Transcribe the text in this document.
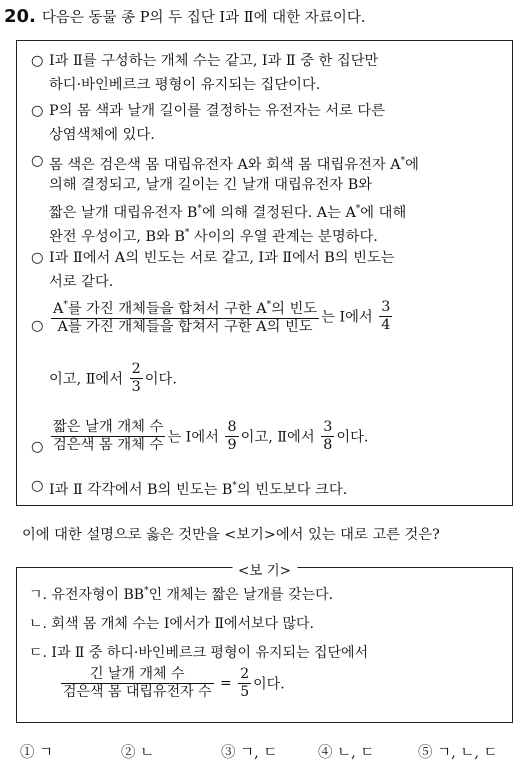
20. 다음은 동물 종 P의 두 집단 Ⅰ과 Ⅱ에 대한 자료이다.
○ Ⅰ과 Ⅱ를 구성하는 개체 수는 같고, Ⅰ과 Ⅱ 중 한 집단만
하디·바인베르크 평형이 유지되는 집단이다.
○ P의 몸 색과 날개 길이를 결정하는 유전자는 서로 다른
상염색체에 있다.
○ 몸 색은 검은색 몸 대립유전자 A와 회색 몸 대립유전자 A*에
의해 결정되고, 날개 길이는 긴 날개 대립유전자 B와
짧은 날개 대립유전자 B*에 의해 결정된다. A는 A*에 대해
완전 우성이고, B와 B* 사이의 우열 관계는 분명하다.
○ Ⅰ과 Ⅱ에서 A의 빈도는 서로 같고, Ⅰ과 Ⅱ에서 B의 빈도는
서로 같다.
○ $\frac{A^*를 가진 개체들을 합쳐서 구한 A^*의 빈도}{\text{A를 가진 개체들을 합쳐서 구한 A의 빈도}}$ 는 Ⅰ에서 $\frac{3}{4}$
이고, Ⅱ에서 $\frac{2}{3}$ 이다.
○ $\frac{\text{짧은 날개 개체 수}}{\text{검은색 몸 개체 수}}$ 는 Ⅰ에서 $\frac{8}{9}$ 이고, Ⅱ에서 $\frac{3}{8}$ 이다.
○ Ⅰ과 Ⅱ 각각에서 B의 빈도는 B*의 빈도보다 크다.
이에 대한 설명으로 옳은 것만을 <보기>에서 있는 대로 고른 것은?
<보 기>
ㄱ. 유전자형이 BB*인 개체는 짧은 날개를 갖는다.
ㄴ. 회색 몸 개체 수는 Ⅰ에서가 Ⅱ에서보다 많다.
ㄷ. Ⅰ과 Ⅱ 중 하디·바인베르크 평형이 유지되는 집단에서
$\frac{\text{긴 날개 개체 수}}{\text{검은색 몸 대립유전자 수}} = \frac{2}{5}$ 이다.
① ㄱ	② ㄴ	③ ㄱ, ㄷ	④ ㄴ, ㄷ	⑤ ㄱ, ㄴ, ㄷ
